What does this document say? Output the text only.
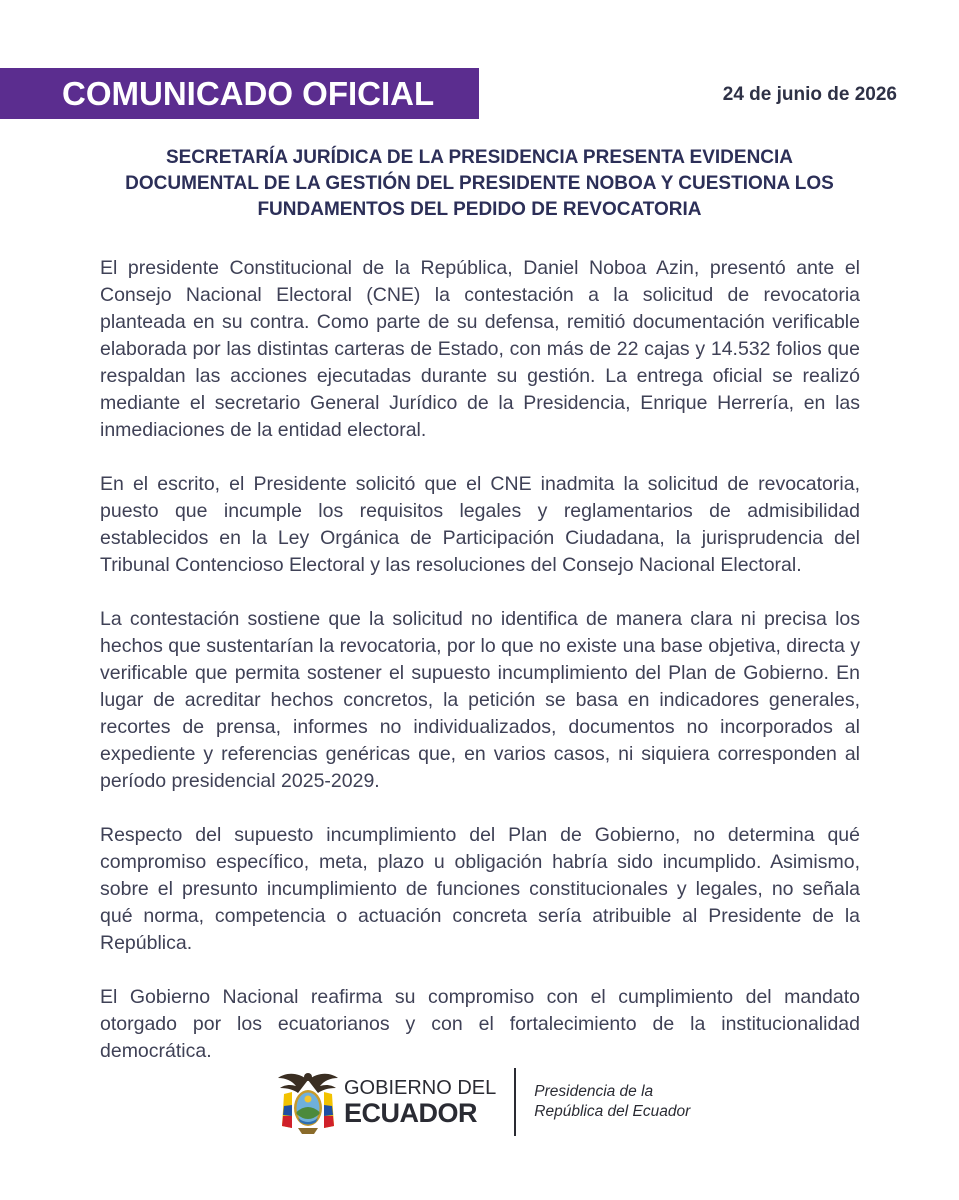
COMUNICADO OFICIAL	24 de junio de 2026
SECRETARÍA JURÍDICA DE LA PRESIDENCIA PRESENTA EVIDENCIA
DOCUMENTAL DE LA GESTIÓN DEL PRESIDENTE NOBOA Y CUESTIONA LOS
FUNDAMENTOS DEL PEDIDO DE REVOCATORIA

El presidente Constitucional de la República, Daniel Noboa Azin, presentó ante el Consejo Nacional Electoral (CNE) la contestación a la solicitud de revocatoria planteada en su contra. Como parte de su defensa, remitió documentación verificable elaborada por las distintas carteras de Estado, con más de 22 cajas y 14.532 folios que respaldan las acciones ejecutadas durante su gestión. La entrega oficial se realizó mediante el secretario General Jurídico de la Presidencia, Enrique Herrería, en las inmediaciones de la entidad electoral.

En el escrito, el Presidente solicitó que el CNE inadmita la solicitud de revocatoria, puesto que incumple los requisitos legales y reglamentarios de admisibilidad establecidos en la Ley Orgánica de Participación Ciudadana, la jurisprudencia del Tribunal Contencioso Electoral y las resoluciones del Consejo Nacional Electoral.

La contestación sostiene que la solicitud no identifica de manera clara ni precisa los hechos que sustentarían la revocatoria, por lo que no existe una base objetiva, directa y verificable que permita sostener el supuesto incumplimiento del Plan de Gobierno. En lugar de acreditar hechos concretos, la petición se basa en indicadores generales, recortes de prensa, informes no individualizados, documentos no incorporados al expediente y referencias genéricas que, en varios casos, ni siquiera corresponden al período presidencial 2025-2029.

Respecto del supuesto incumplimiento del Plan de Gobierno, no determina qué compromiso específico, meta, plazo u obligación habría sido incumplido. Asimismo, sobre el presunto incumplimiento de funciones constitucionales y legales, no señala qué norma, competencia o actuación concreta sería atribuible al Presidente de la República.

El Gobierno Nacional reafirma su compromiso con el cumplimiento del mandato otorgado por los ecuatorianos y con el fortalecimiento de la institucionalidad democrática.

GOBIERNO DEL
ECUADOR
Presidencia de la
República del Ecuador
